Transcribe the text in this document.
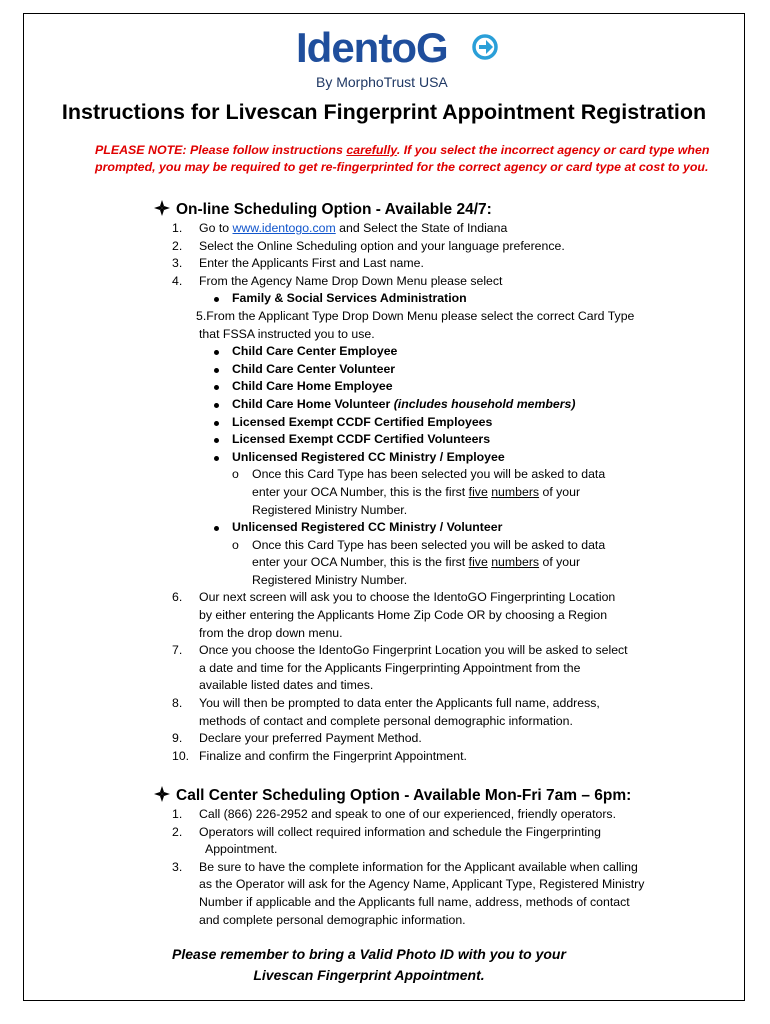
IdentoG
By MorphoTrust USA
Instructions for Livescan Fingerprint Appointment Registration
PLEASE NOTE: Please follow instructions carefully. If you select the incorrect agency or card type when prompted, you may be required to get re-fingerprinted for the correct agency or card type at cost to you.
On-line Scheduling Option - Available 24/7:
1. Go to www.identogo.com and Select the State of Indiana
2. Select the Online Scheduling option and your language preference.
3. Enter the Applicants First and Last name.
4. From the Agency Name Drop Down Menu please select
Family & Social Services Administration
5.From the Applicant Type Drop Down Menu please select the correct Card Type
that FSSA instructed you to use.
Child Care Center Employee
Child Care Center Volunteer
Child Care Home Employee
Child Care Home Volunteer (includes household members)
Licensed Exempt CCDF Certified Employees
Licensed Exempt CCDF Certified Volunteers
Unlicensed Registered CC Ministry / Employee
o Once this Card Type has been selected you will be asked to data
enter your OCA Number, this is the first five numbers of your
Registered Ministry Number.
Unlicensed Registered CC Ministry / Volunteer
o Once this Card Type has been selected you will be asked to data
enter your OCA Number, this is the first five numbers of your
Registered Ministry Number.
6. Our next screen will ask you to choose the IdentoGO Fingerprinting Location
by either entering the Applicants Home Zip Code OR by choosing a Region
from the drop down menu.
7. Once you choose the IdentoGo Fingerprint Location you will be asked to select
a date and time for the Applicants Fingerprinting Appointment from the
available listed dates and times.
8. You will then be prompted to data enter the Applicants full name, address,
methods of contact and complete personal demographic information.
9. Declare your preferred Payment Method.
10. Finalize and confirm the Fingerprint Appointment.
Call Center Scheduling Option - Available Mon-Fri 7am – 6pm:
1. Call (866) 226-2952 and speak to one of our experienced, friendly operators.
2. Operators will collect required information and schedule the Fingerprinting
Appointment.
3. Be sure to have the complete information for the Applicant available when calling
as the Operator will ask for the Agency Name, Applicant Type, Registered Ministry
Number if applicable and the Applicants full name, address, methods of contact
and complete personal demographic information.
Please remember to bring a Valid Photo ID with you to your
Livescan Fingerprint Appointment.
